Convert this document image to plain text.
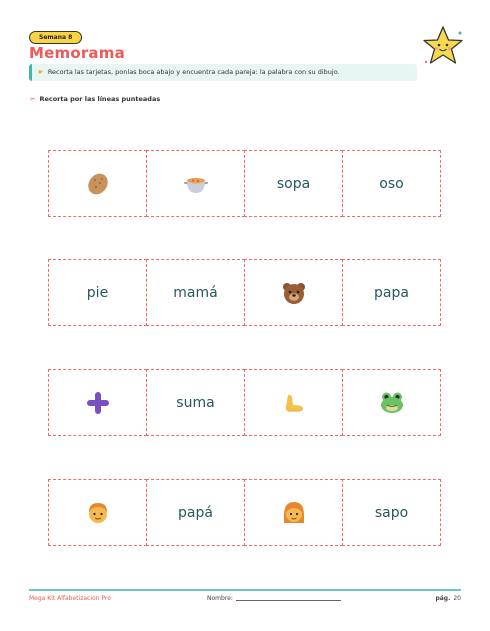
Semana 8
Memorama
☛ Recorta las tarjetas, ponlas boca abajo y encuentra cada pareja: la palabra con su dibujo.
✂ Recorta por las líneas punteadas
sopa	oso
pie	mamá	papa
suma
papá	sapo
Mega Kit Alfabetización Pro	Nombre:	pág. 20
